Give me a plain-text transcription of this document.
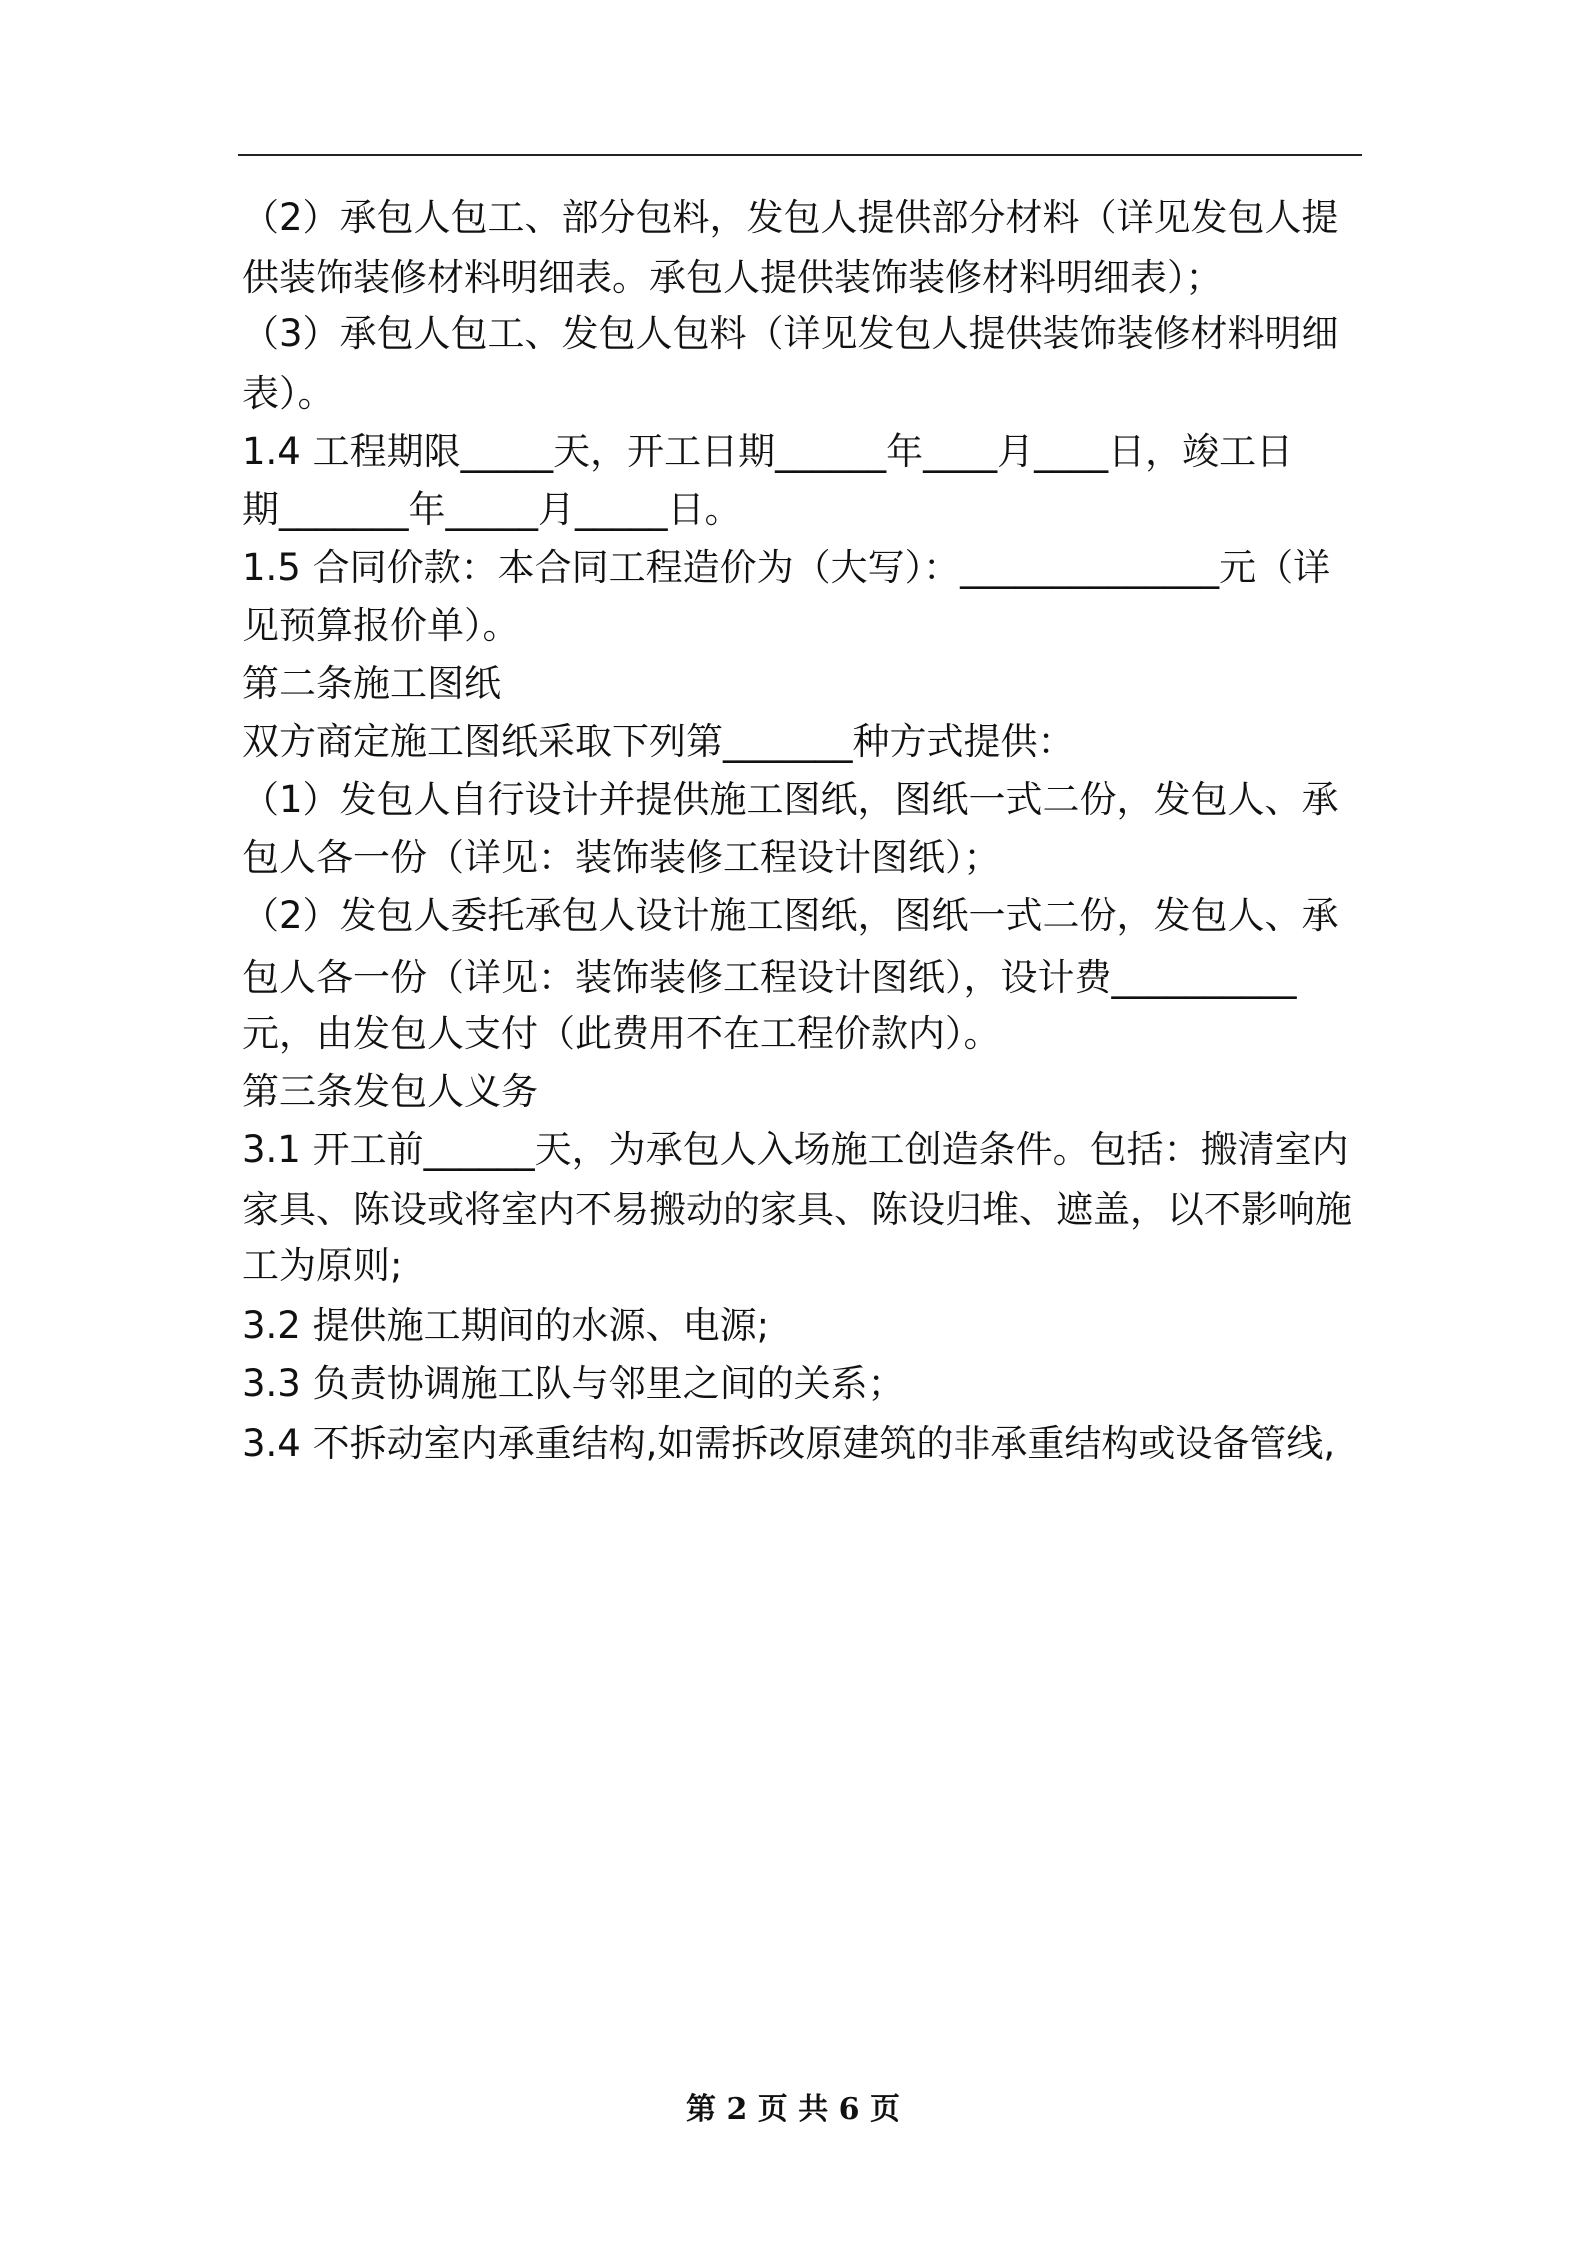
（2）承包人包工、部分包料，发包人提供部分材料（详见发包人提
供装饰装修材料明细表。承包人提供装饰装修材料明细表）；
（3）承包人包工、发包人包料（详见发包人提供装饰装修材料明细
表）。
1.4 工程期限_____天，开工日期______年____月____日，竣工日
期_______年_____月_____日。
1.5 合同价款：本合同工程造价为（大写）：______________元（详
见预算报价单）。
第二条施工图纸
双方商定施工图纸采取下列第_______种方式提供：
（1）发包人自行设计并提供施工图纸，图纸一式二份，发包人、承
包人各一份（详见：装饰装修工程设计图纸）；
（2）发包人委托承包人设计施工图纸，图纸一式二份，发包人、承
包人各一份（详见：装饰装修工程设计图纸），设计费__________
元，由发包人支付（此费用不在工程价款内）。
第三条发包人义务
3.1 开工前______天，为承包人入场施工创造条件。包括：搬清室内
家具、陈设或将室内不易搬动的家具、陈设归堆、遮盖，以不影响施
工为原则;
3.2 提供施工期间的水源、电源;
3.3 负责协调施工队与邻里之间的关系；
3.4 不拆动室内承重结构,如需拆改原建筑的非承重结构或设备管线,
第 2 页 共 6 页
